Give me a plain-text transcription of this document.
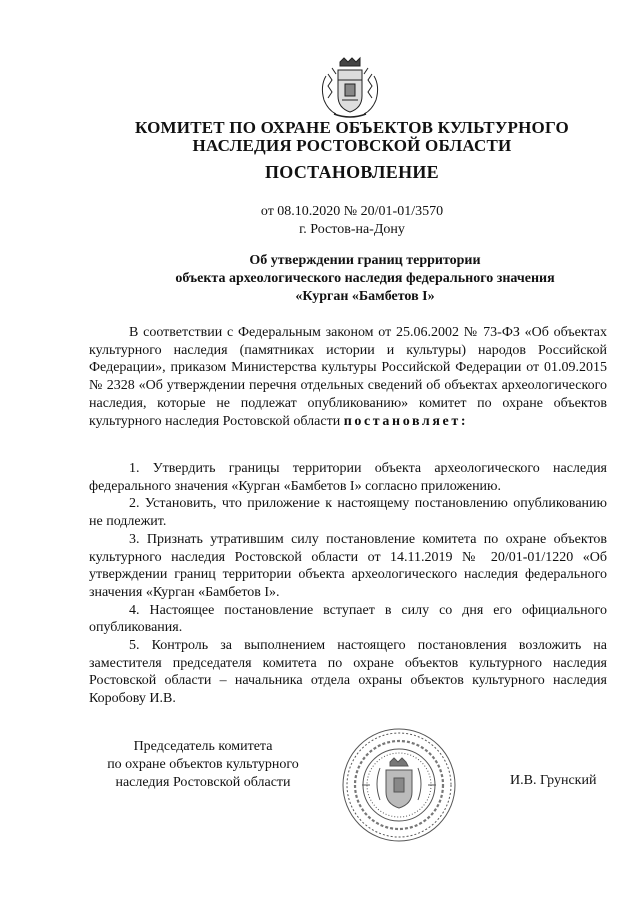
КОМИТЕТ ПО ОХРАНЕ ОБЪЕКТОВ КУЛЬТУРНОГО
НАСЛЕДИЯ РОСТОВСКОЙ ОБЛАСТИ
ПОСТАНОВЛЕНИЕ
от 08.10.2020 № 20/01-01/3570
г. Ростов-на-Дону
Об утверждении границ территории
объекта археологического наследия федерального значения
«Курган «Бамбетов I»

В соответствии с Федеральным законом от 25.06.2002 № 73-ФЗ «Об объектах культурного наследия (памятниках истории и культуры) народов Российской Федерации», приказом Министерства культуры Российской Федерации от 01.09.2015 № 2328 «Об утверждении перечня отдельных сведений об объектах археологического наследия, которые не подлежат опубликованию» комитет по охране объектов культурного наследия Ростовской области постановляет:

1. Утвердить границы территории объекта археологического наследия федерального значения «Курган «Бамбетов I» согласно приложению.

2. Установить, что приложение к настоящему постановлению опубликованию не подлежит.

3. Признать утратившим силу постановление комитета по охране объектов культурного наследия Ростовской области от 14.11.2019 № 20/01-01/1220 «Об утверждении границ территории объекта археологического наследия федерального значения «Курган «Бамбетов I».

4. Настоящее постановление вступает в силу со дня его официального опубликования.

5. Контроль за выполнением настоящего постановления возложить на заместителя председателя комитета по охране объектов культурного наследия Ростовской области – начальника отдела охраны объектов культурного наследия Коробову И.В.

Председатель комитета
по охране объектов культурного
наследия Ростовской области	И.В. Грунский
